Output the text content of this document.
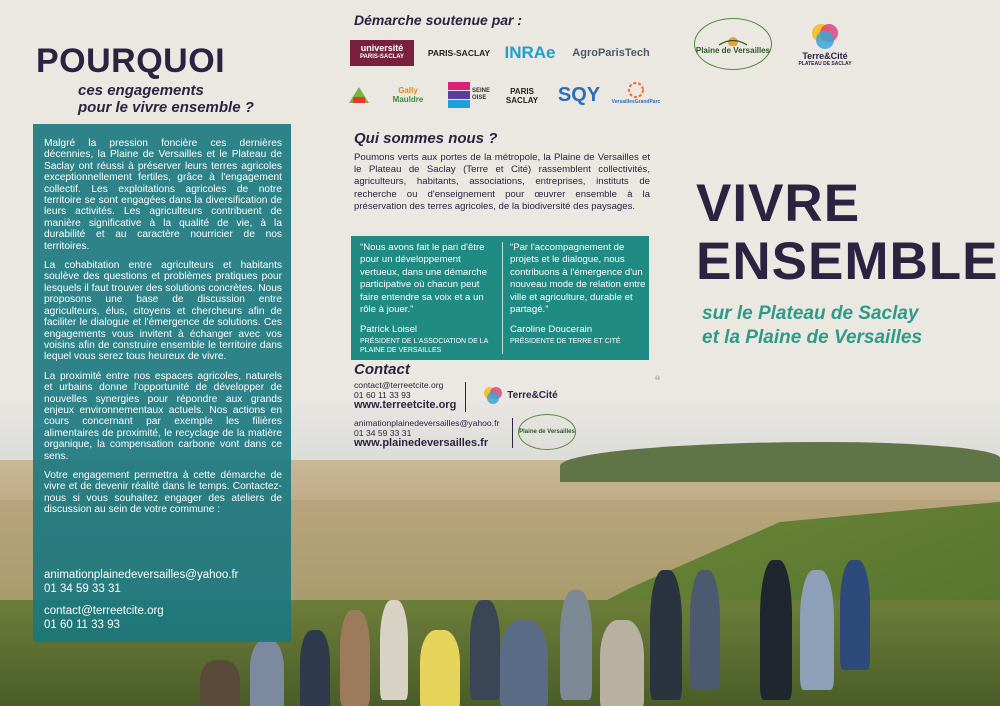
POURQUOI
ces engagements
pour le vivre ensemble ?

Malgré la pression foncière ces dernières décennies, la Plaine de Versailles et le Plateau de Saclay ont réussi à préserver leurs terres agricoles exceptionnellement fertiles, grâce à l'engagement collectif. Les exploitations agricoles de notre territoire se sont engagées dans la diversification de leurs activités. Les agriculteurs contribuent de manière significative à la qualité de vie, à la durabilité et au caractère nourricier de nos territoires.

La cohabitation entre agriculteurs et habitants soulève des questions et problèmes pratiques pour lesquels il faut trouver des solutions concrètes. Nous proposons une base de discussion entre agriculteurs, élus, citoyens et chercheurs afin de faciliter le dialogue et l'émergence de solutions. Ces engagements vous invitent à échanger avec vos voisins afin de construire ensemble le territoire dans lequel vous serez tous heureux de vivre.

La proximité entre nos espaces agricoles, naturels et urbains donne l'opportunité de développer de nouvelles synergies pour répondre aux grands enjeux environnementaux actuels. Nos actions en cours concernant par exemple les filières alimentaires de proximité, le recyclage de la matière organique, la compensation carbone vont dans ce sens.

Votre engagement permettra à cette démarche de vivre et de devenir réalité dans le temps. Contactez-nous si vous souhaitez engager des ateliers de discussion au sein de votre commune :

animationplainedeversailles@yahoo.fr
01 34 59 33 31
contact@terreetcite.org
01 60 11 33 93
Démarche soutenue par :
université
PARIS-SACLAY	PARIS-SACLAY INRAe	AgroParisTech
Gally
Mauldre
SEINE
OISE
PARIS
SACLAY SQY	VersaillesGrandParc
Qui sommes nous ?
Poumons verts aux portes de la métropole, la Plaine de Versailles et le Plateau de Saclay (Terre et Cité) rassemblent collectivités, agriculteurs, habitants, associations, entreprises, instituts de recherche ou d'enseignement pour œuvrer ensemble à la préservation des terres agricoles, de la biodiversité des paysages.
“Nous avons fait le pari d'être pour un développement vertueux, dans une démarche participative où chacun peut faire entendre sa voix et a un rôle à jouer.”
Patrick Loisel
PRÉSIDENT DE L'ASSOCIATION DE LA PLAINE DE VERSAILLES
“Par l'accompagnement de projets et le dialogue, nous contribuons à l'émergence d'un nouveau mode de relation entre ville et agriculture, durable et partagé.”
Caroline Doucerain
PRÉSIDENTE DE TERRE ET CITÉ
Contact
contact@terreetcite.org
01 60 11 33 93
www.terreetcite.org
Terre&Cité
animationplainedeversailles@yahoo.fr
01 34 59 33 31
www.plainedeversailles.fr
Plaine de Versailles
©
Plaine de Versailles
Terre&Cité
PLATEAU DE SACLAY
VIVRE
ENSEMBLE
sur le Plateau de Saclay
et la Plaine de Versailles
